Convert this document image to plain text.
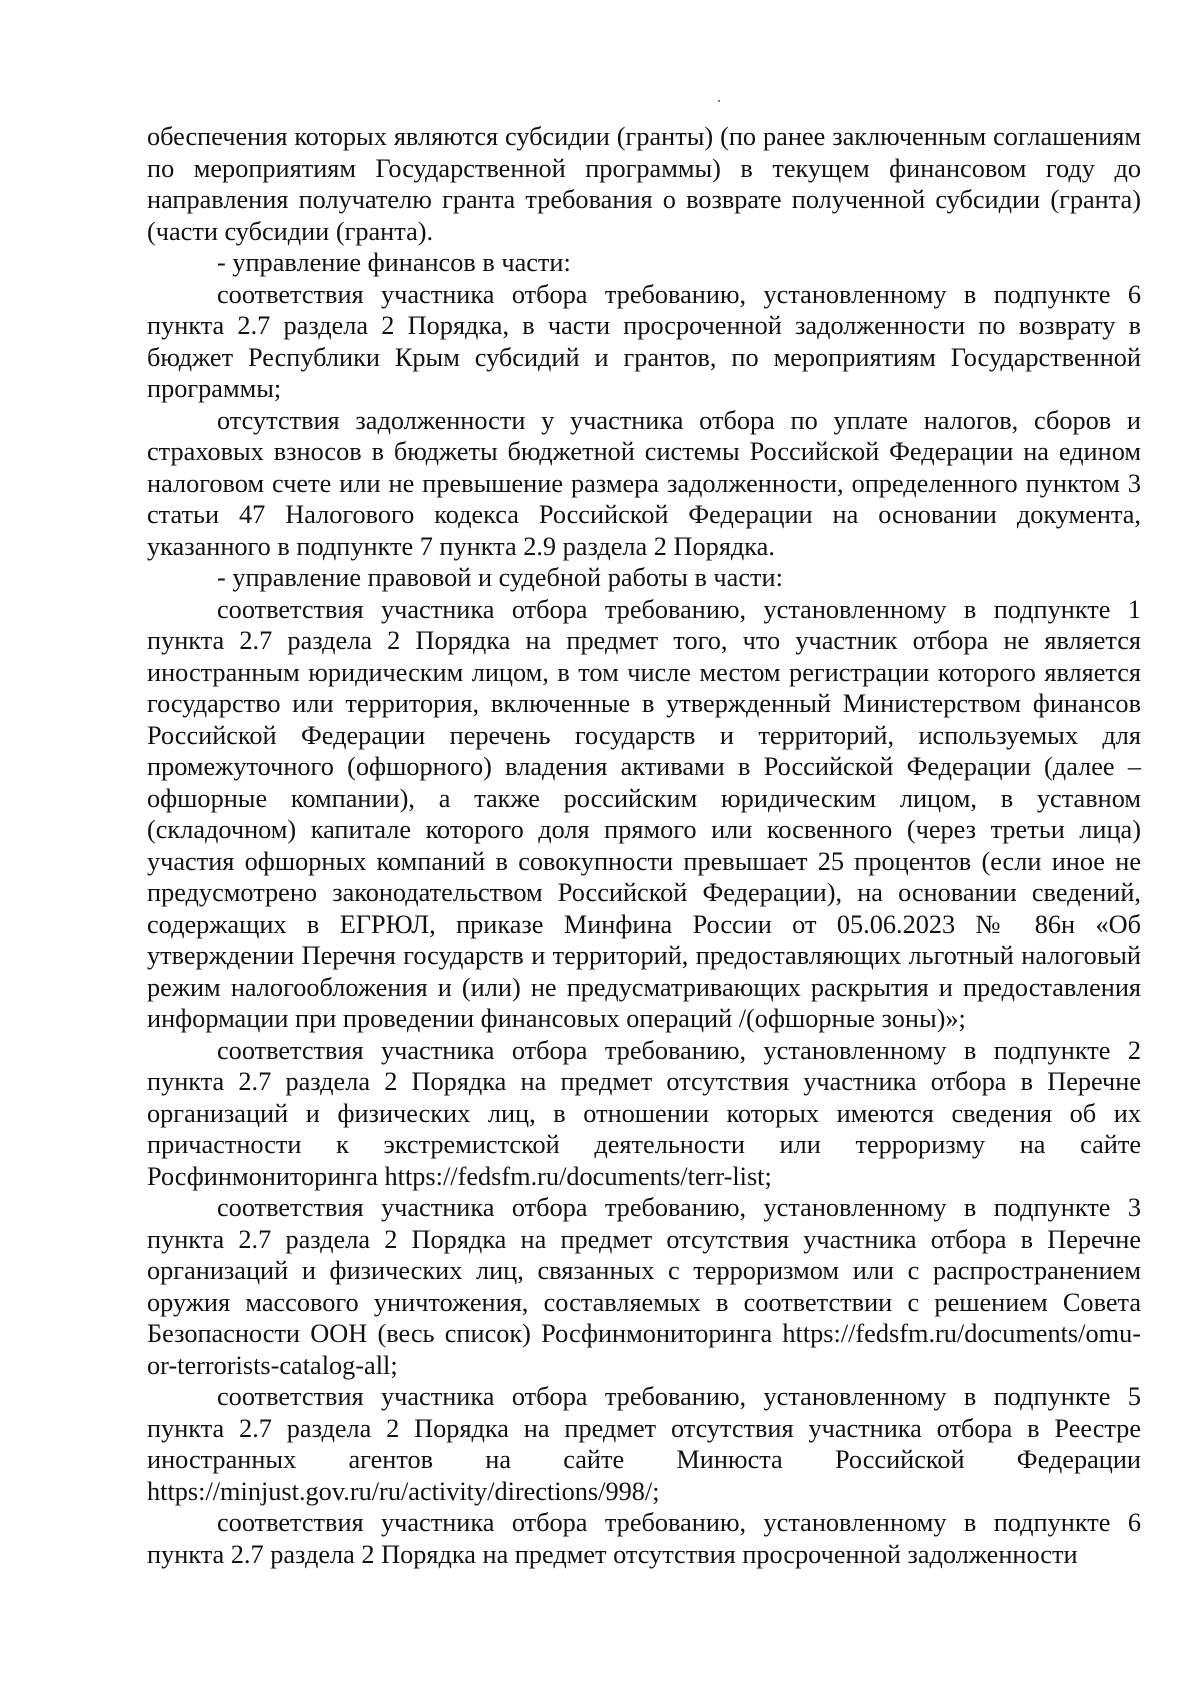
обеспечения которых являются субсидии (гранты) (по ранее заключенным соглашениям по мероприятиям Государственной программы) в текущем финансовом году до направления получателю гранта требования о возврате полученной субсидии (гранта) (части субсидии (гранта).

- управление финансов в части:

соответствия участника отбора требованию, установленному в подпункте 6 пункта 2.7 раздела 2 Порядка, в части просроченной задолженности по возврату в бюджет Республики Крым субсидий и грантов, по мероприятиям Государственной программы;

отсутствия задолженности у участника отбора по уплате налогов, сборов и страховых взносов в бюджеты бюджетной системы Российской Федерации на едином налоговом счете или не превышение размера задолженности, определенного пунктом 3 статьи 47 Налогового кодекса Российской Федерации на основании документа, указанного в подпункте 7 пункта 2.9 раздела 2 Порядка.

- управление правовой и судебной работы в части:

соответствия участника отбора требованию, установленному в подпункте 1 пункта 2.7 раздела 2 Порядка на предмет того, что участник отбора не является иностранным юридическим лицом, в том числе местом регистрации которого является государство или территория, включенные в утвержденный Министерством финансов Российской Федерации перечень государств и территорий, используемых для промежуточного (офшорного) владения активами в Российской Федерации (далее – офшорные компании), а также российским юридическим лицом, в уставном (складочном) капитале которого доля прямого или косвенного (через третьи лица) участия офшорных компаний в совокупности превышает 25 процентов (если иное не предусмотрено законодательством Российской Федерации), на основании сведений, содержащих в ЕГРЮЛ, приказе Минфина России от 05.06.2023 № 86н «Об утверждении Перечня государств и территорий, предоставляющих льготный налоговый режим налогообложения и (или) не предусматривающих раскрытия и предоставления информации при проведении финансовых операций /(офшорные зоны)»;

соответствия участника отбора требованию, установленному в подпункте 2 пункта 2.7 раздела 2 Порядка на предмет отсутствия участника отбора в Перечне организаций и физических лиц, в отношении которых имеются сведения об их причастности к экстремистской деятельности или терроризму на сайте Росфинмониторинга https://fedsfm.ru/documents/terr-list;

соответствия участника отбора требованию, установленному в подпункте 3 пункта 2.7 раздела 2 Порядка на предмет отсутствия участника отбора в Перечне организаций и физических лиц, связанных с терроризмом или с распространением оружия массового уничтожения, составляемых в соответствии с решением Совета Безопасности ООН (весь список) Росфинмониторинга https://fedsfm.ru/documents/omu-or-terrorists-catalog-all;

соответствия участника отбора требованию, установленному в подпункте 5 пункта 2.7 раздела 2 Порядка на предмет отсутствия участника отбора в Реестре иностранных агентов на сайте Минюста Российской Федерации https://minjust.gov.ru/ru/activity/directions/998/;

соответствия участника отбора требованию, установленному в подпункте 6 пункта 2.7 раздела 2 Порядка на предмет отсутствия просроченной задолженности
